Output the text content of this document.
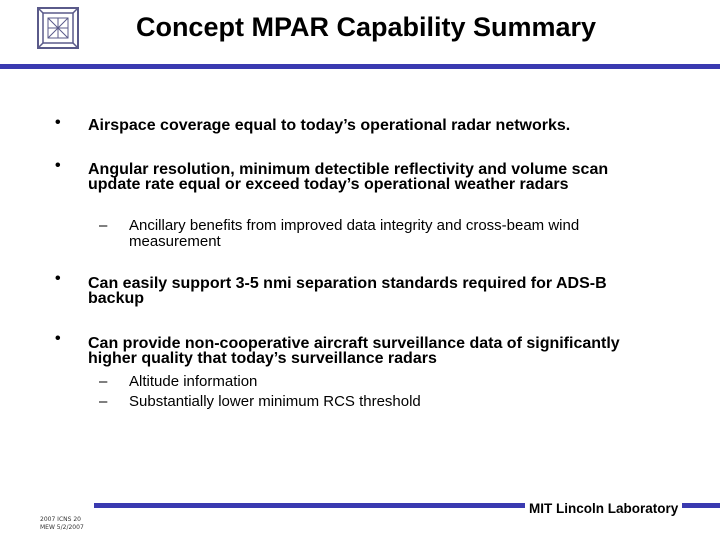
Concept MPAR Capability Summary
• Airspace coverage equal to today’s operational radar networks.
• Angular resolution, minimum detectible reflectivity and volume scan update rate equal or exceed today’s operational weather radars
– Ancillary benefits from improved data integrity and cross-beam wind measurement
• Can easily support 3-5 nmi separation standards required for ADS-B backup
• Can provide non-cooperative aircraft surveillance data of significantly higher quality that today’s surveillance radars
– Altitude information
– Substantially lower minimum RCS threshold
2007 ICNS 20
MEW 5/2/2007
MIT Lincoln Laboratory
